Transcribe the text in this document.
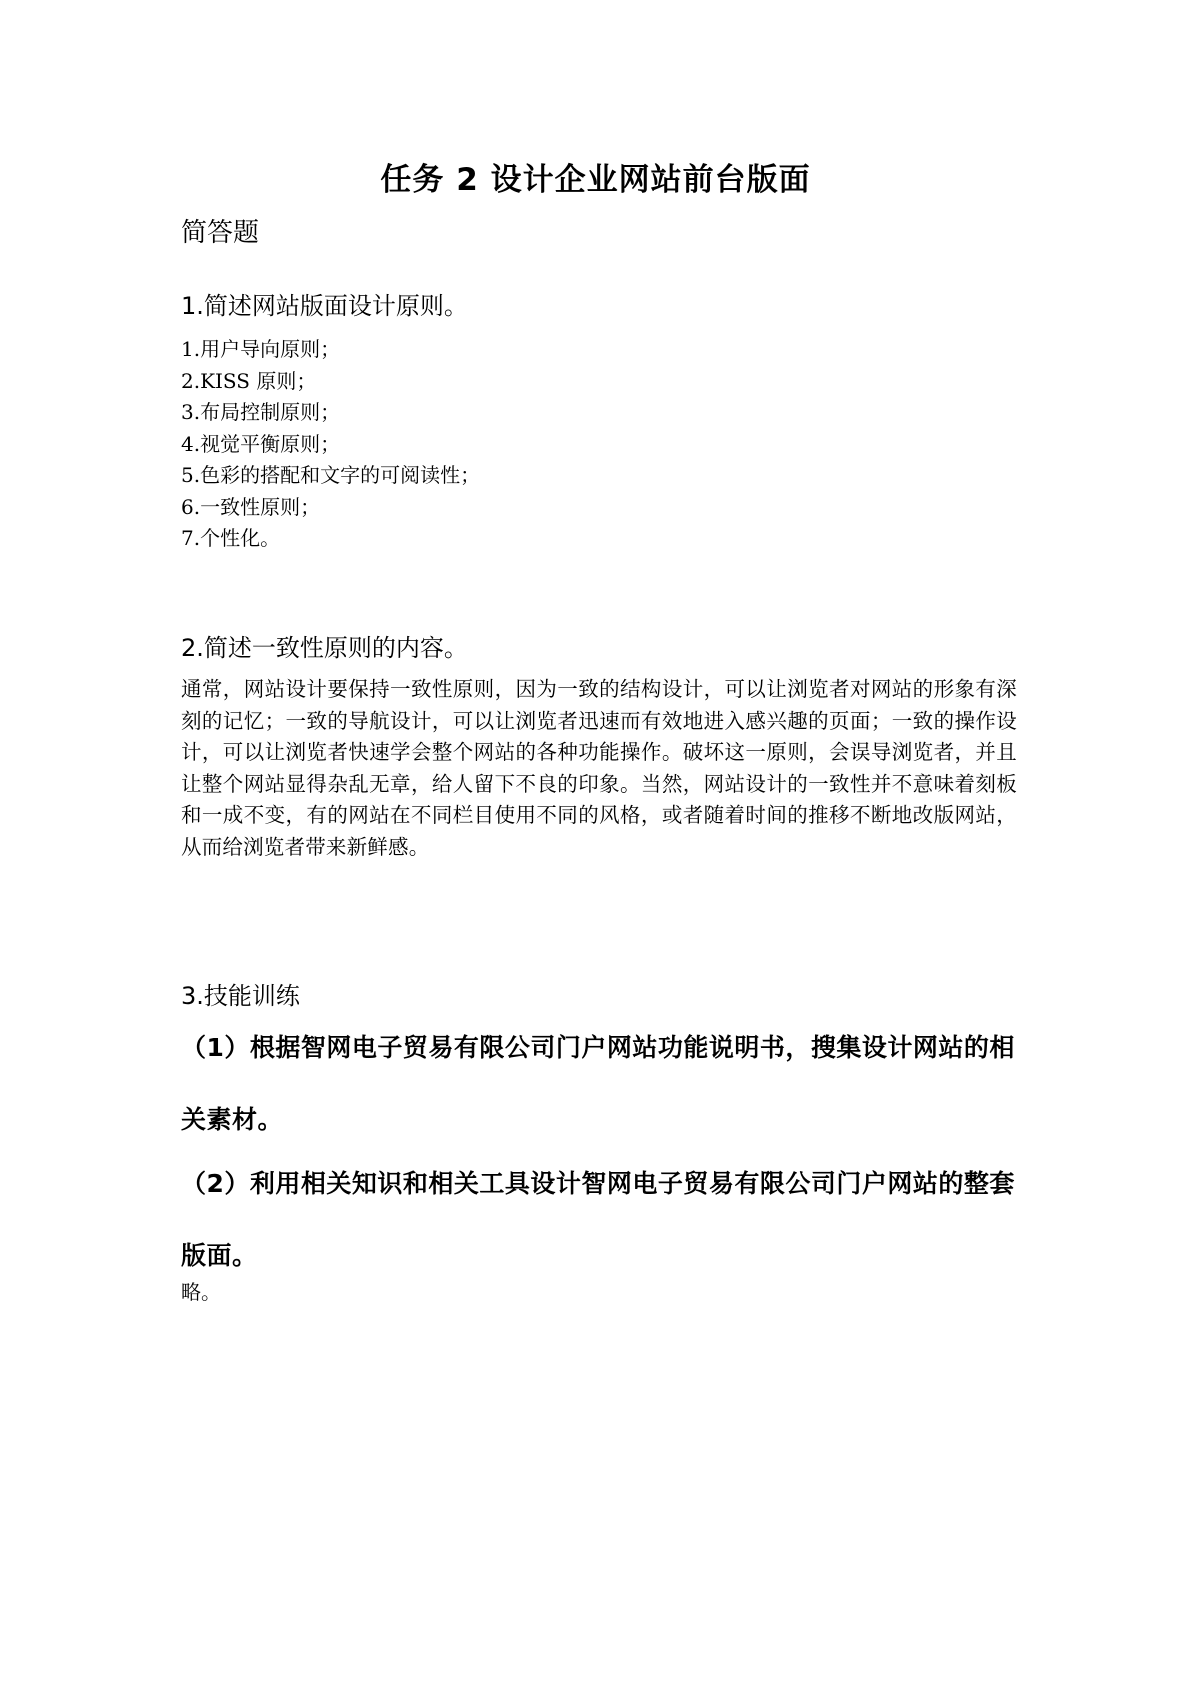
任务 2 设计企业网站前台版面

简答题

1.简述网站版面设计原则。

1.用户导向原则；
2.KISS 原则；
3.布局控制原则；
4.视觉平衡原则；
5.色彩的搭配和文字的可阅读性；
6.一致性原则；
7.个性化。

2.简述一致性原则的内容。

通常，网站设计要保持一致性原则，因为一致的结构设计，可以让浏览者对网站的形象有深刻的记忆；一致的导航设计，可以让浏览者迅速而有效地进入感兴趣的页面；一致的操作设计，可以让浏览者快速学会整个网站的各种功能操作。破坏这一原则，会误导浏览者，并且让整个网站显得杂乱无章，给人留下不良的印象。当然，网站设计的一致性并不意味着刻板和一成不变，有的网站在不同栏目使用不同的风格，或者随着时间的推移不断地改版网站，从而给浏览者带来新鲜感。

3.技能训练

（1）根据智网电子贸易有限公司门户网站功能说明书，搜集设计网站的相关素材。

（2）利用相关知识和相关工具设计智网电子贸易有限公司门户网站的整套版面。

略。
